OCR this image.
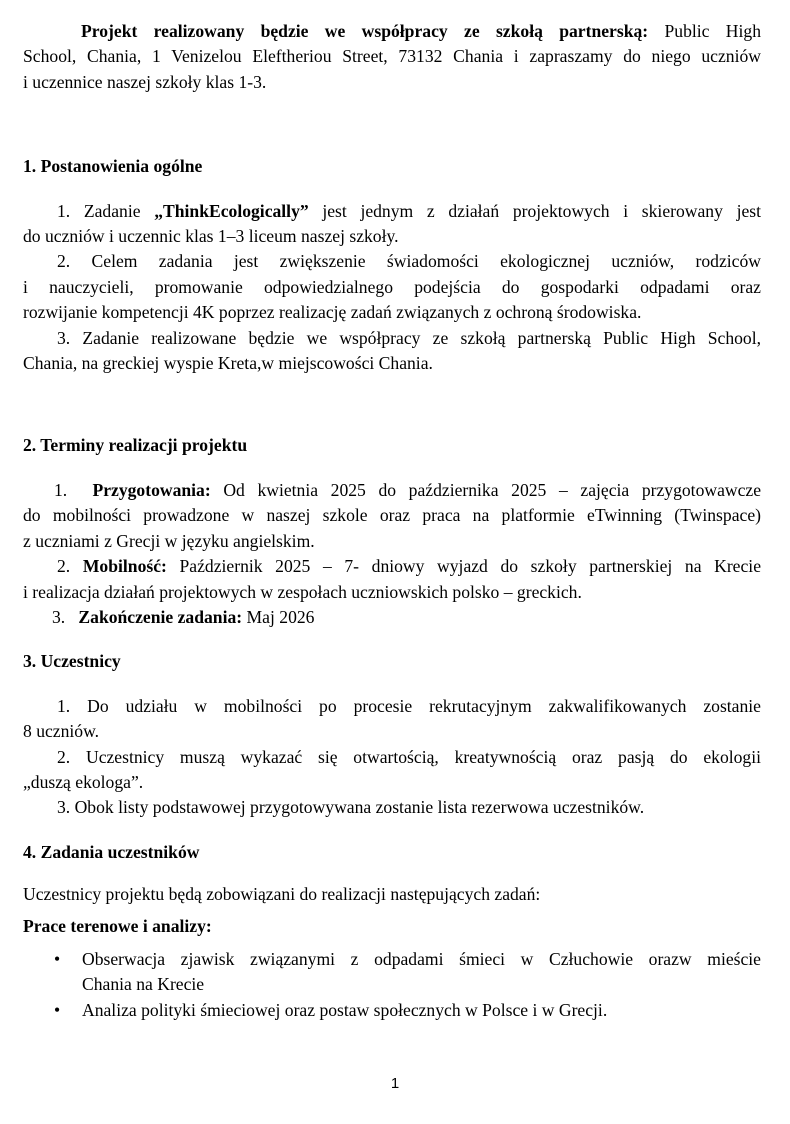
Projekt realizowany będzie we współpracy ze szkołą partnerską: Public High
School, Chania, 1 Venizelou Eleftheriou Street, 73132 Chania i zapraszamy do niego uczniów
i uczennice naszej szkoły klas 1-3.

1. Postanowienia ogólne

1. Zadanie „ThinkEcologically” jest jednym z działań projektowych i skierowany jest
do uczniów i uczennic klas 1–3 liceum naszej szkoły.

2. Celem zadania jest zwiększenie świadomości ekologicznej uczniów, rodziców
i nauczycieli, promowanie odpowiedzialnego podejścia do gospodarki odpadami oraz
rozwijanie kompetencji 4K poprzez realizację zadań związanych z ochroną środowiska.

3. Zadanie realizowane będzie we współpracy ze szkołą partnerską Public High School,
Chania, na greckiej wyspie Kreta,w miejscowości Chania.

2. Terminy realizacji projektu

1. Przygotowania: Od kwietnia 2025 do października 2025 – zajęcia przygotowawcze
do mobilności prowadzone w naszej szkole oraz praca na platformie eTwinning (Twinspace)
z uczniami z Grecji w języku angielskim.

2. Mobilność: Październik 2025 – 7- dniowy wyjazd do szkoły partnerskiej na Krecie
i realizacja działań projektowych w zespołach uczniowskich polsko – greckich.

3. Zakończenie zadania: Maj 2026

3. Uczestnicy

1. Do udziału w mobilności po procesie rekrutacyjnym zakwalifikowanych zostanie
8 uczniów.

2. Uczestnicy muszą wykazać się otwartością, kreatywnością oraz pasją do ekologii
„duszą ekologa”.

3. Obok listy podstawowej przygotowywana zostanie lista rezerwowa uczestników.

4. Zadania uczestników

Uczestnicy projektu będą zobowiązani do realizacji następujących zadań:

Prace terenowe i analizy:

• Obserwacja zjawisk związanymi z odpadami śmieci w Człuchowie orazw mieście
Chania na Krecie
• Analiza polityki śmieciowej oraz postaw społecznych w Polsce i w Grecji.
1
